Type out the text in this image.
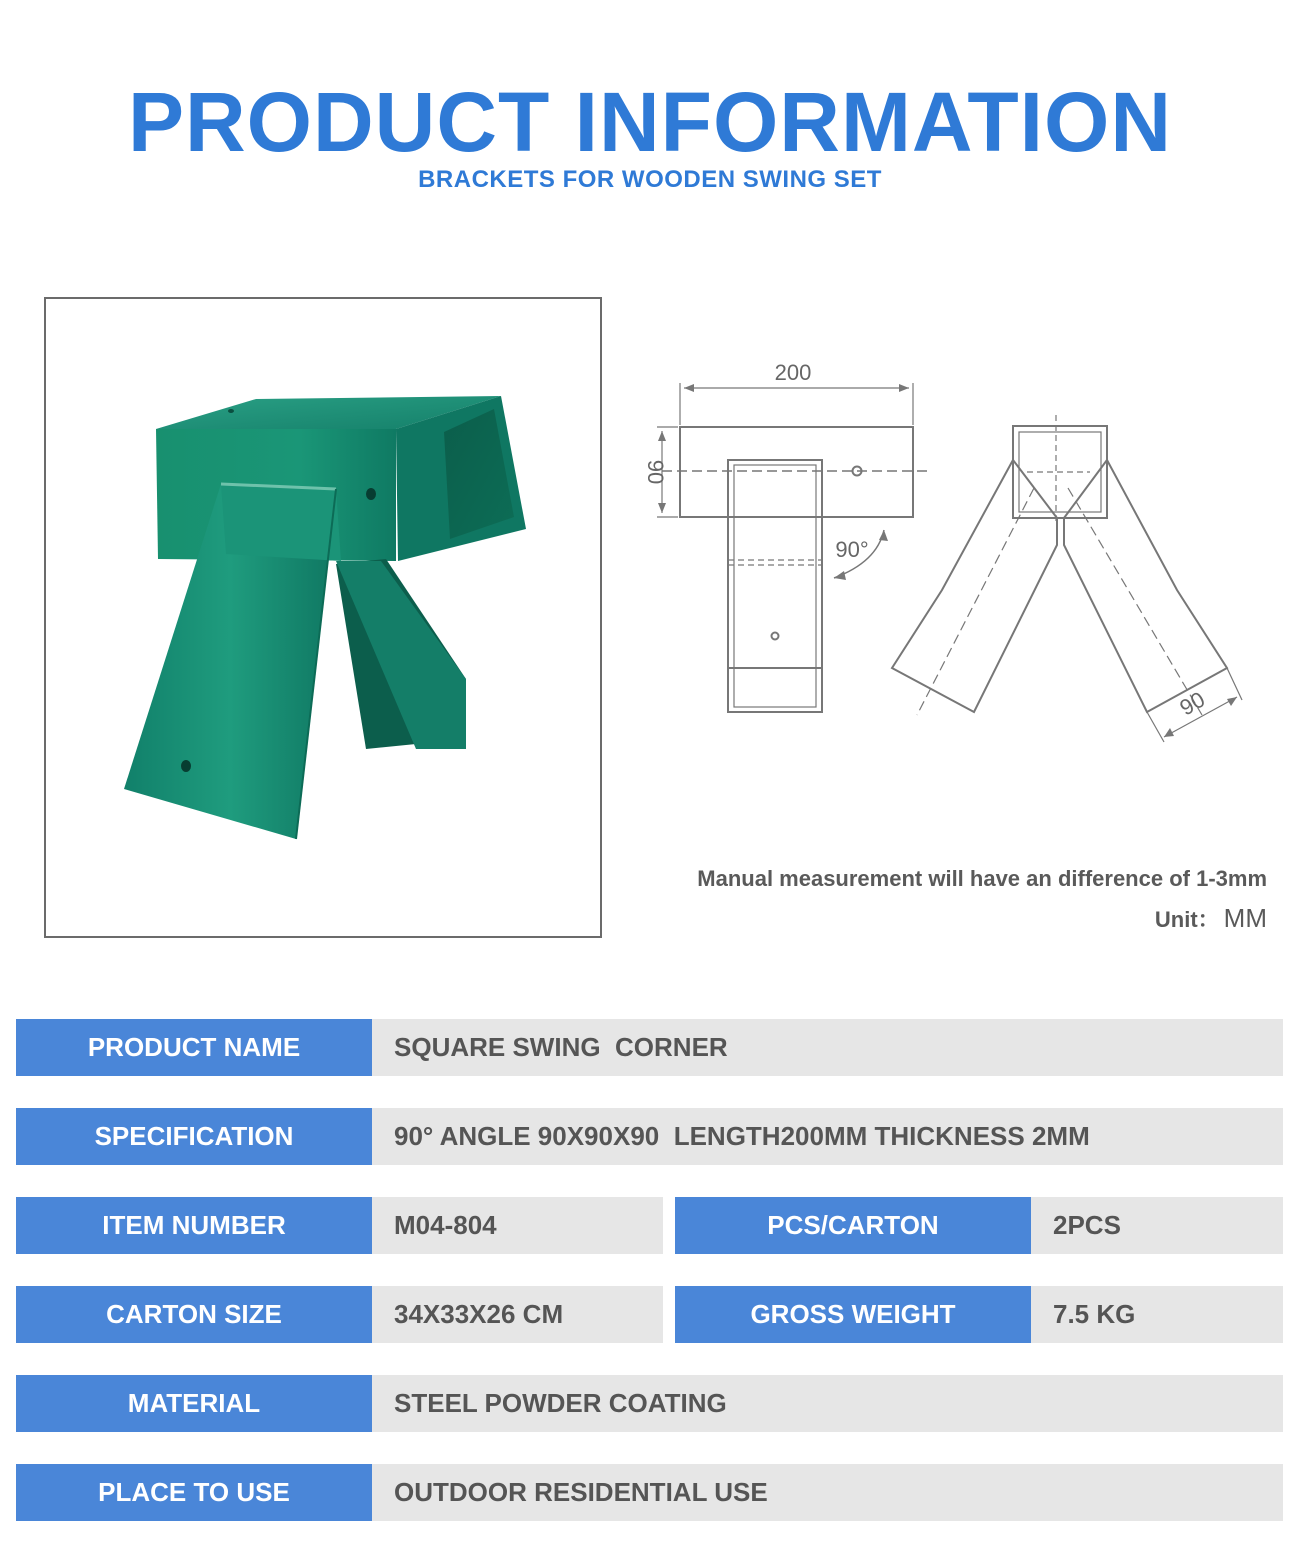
PRODUCT INFORMATION
BRACKETS FOR WOODEN SWING SET
200
90
90°
90
Manual measurement will have an difference of 1-3mm
Unit： MM
PRODUCT NAME	SQUARE SWING  CORNER
SPECIFICATION	90° ANGLE 90X90X90  LENGTH200MM THICKNESS 2MM
ITEM NUMBER	M04-804	PCS/CARTON	2PCS
CARTON SIZE	34X33X26 CM	GROSS WEIGHT	7.5 KG
MATERIAL	STEEL POWDER COATING
PLACE TO USE	OUTDOOR RESIDENTIAL USE
